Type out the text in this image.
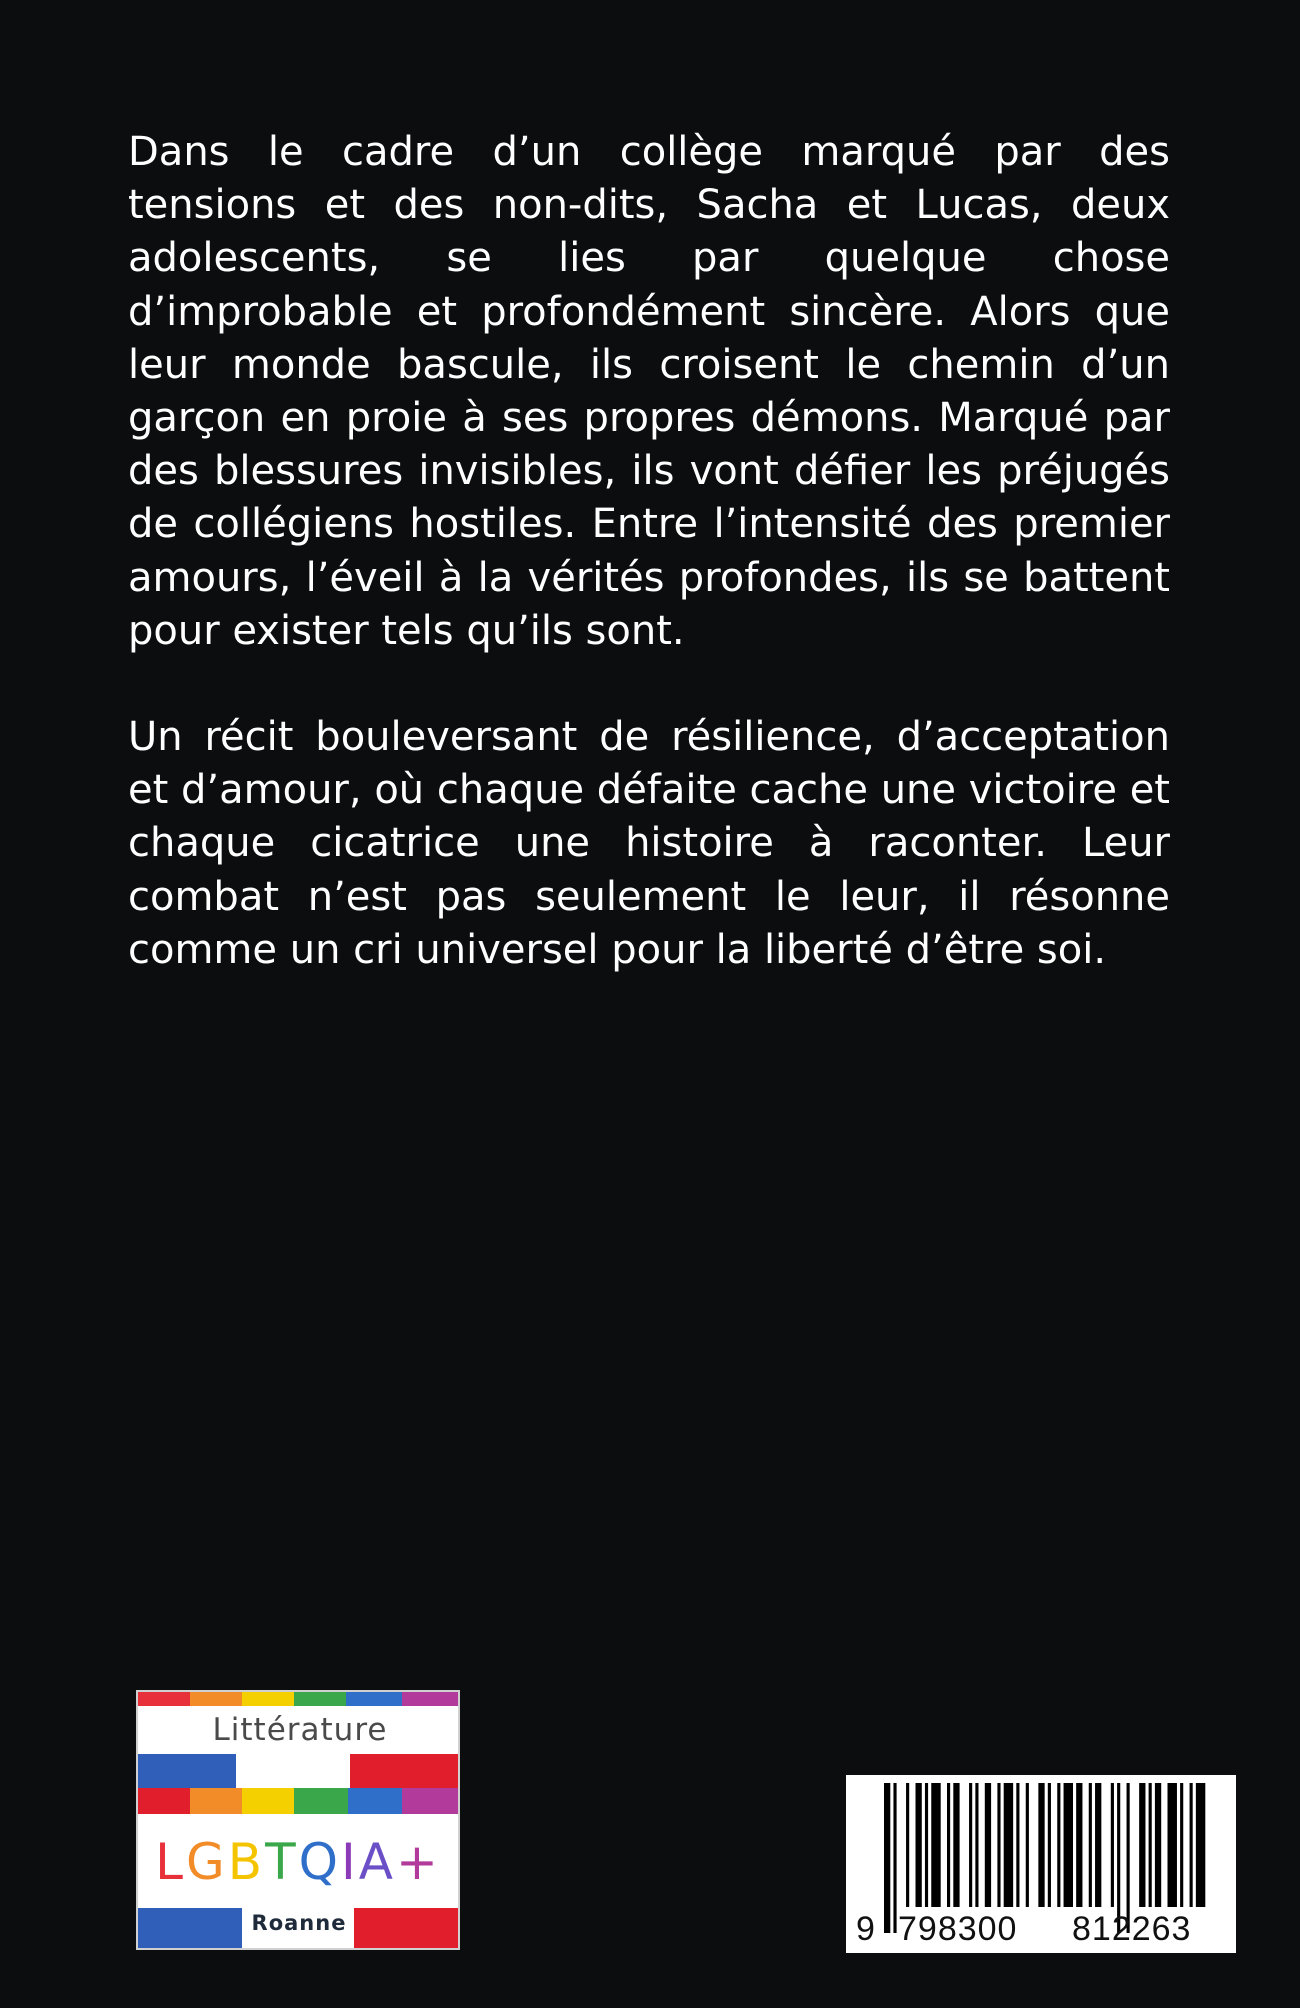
Dans le cadre d’un collège marqué par des tensions et des non-dits, Sacha et Lucas, deux adolescents, se lies par quelque chose d’improbable et profondément sincère. Alors que leur monde bascule, ils croisent le chemin d’un garçon en proie à ses propres démons. Marqué par des blessures invisibles, ils vont défier les préjugés de collégiens hostiles. Entre l’intensité des premier amours, l’éveil à la vérités profondes, ils se battent pour exister tels qu’ils sont.

Un récit bouleversant de résilience, d’acceptation et d’amour, où chaque défaite cache une victoire et chaque cicatrice une histoire à raconter. Leur combat n’est pas seulement le leur, il résonne comme un cri universel pour la liberté d’être soi.

Littérature
LGBTQIA+
Roanne	9 798300 812263
